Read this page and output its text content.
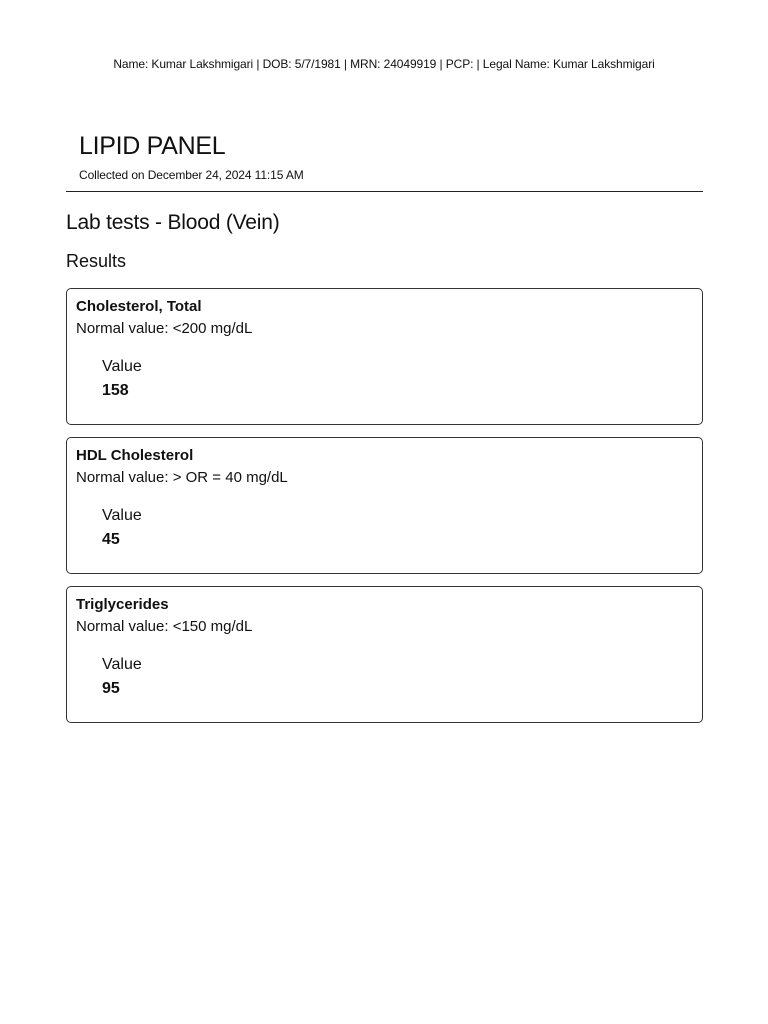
Name: Kumar Lakshmigari | DOB: 5/7/1981 | MRN: 24049919 | PCP: | Legal Name: Kumar Lakshmigari
LIPID PANEL
Collected on December 24, 2024 11:15 AM
Lab tests - Blood (Vein)
Results
Cholesterol, Total
Normal value: <200 mg/dL
Value
158
HDL Cholesterol
Normal value: > OR = 40 mg/dL
Value
45
Triglycerides
Normal value: <150 mg/dL
Value
95
